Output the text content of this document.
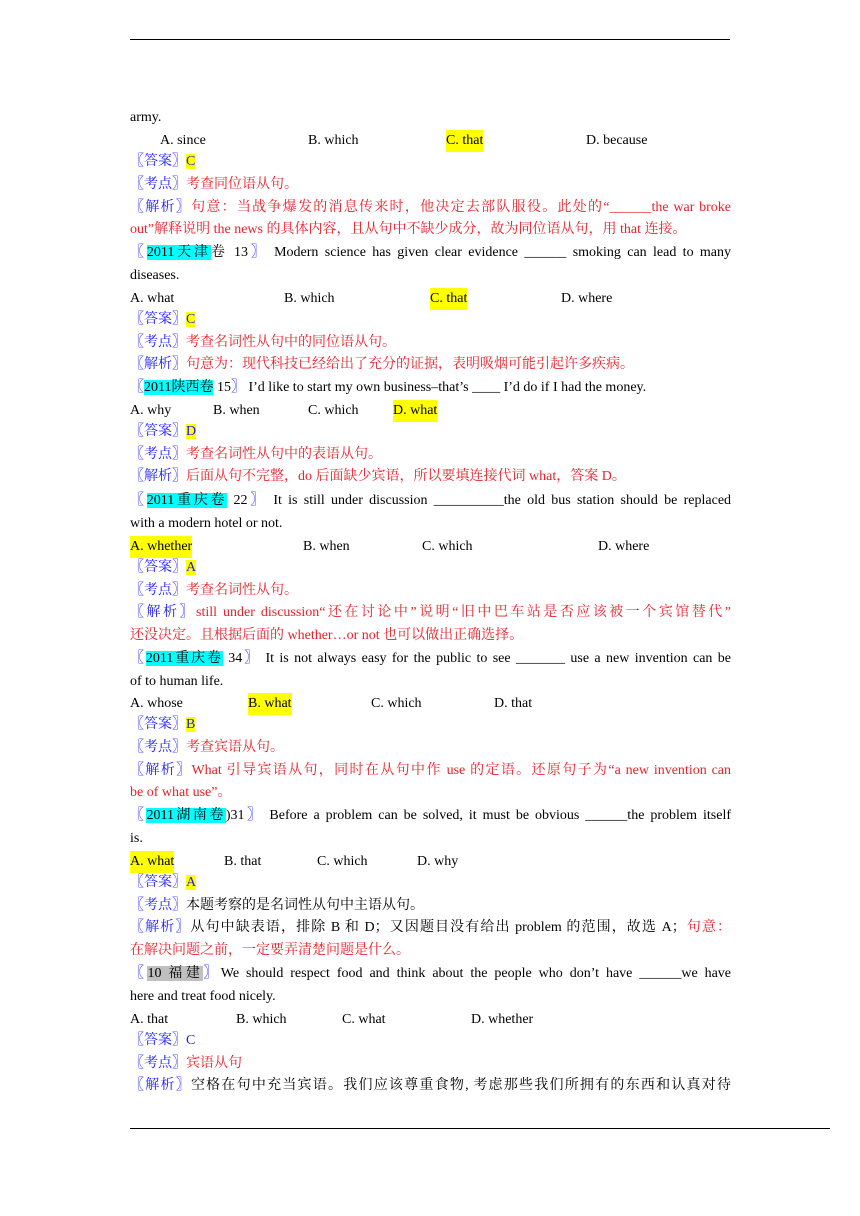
army.
A. since	B. which	C. that	D. because
〖答案〗C
〖考点〗考查同位语从句。
〖解析〗句意：当战争爆发的消息传来时，他决定去部队服役。此处的“______the war broke
out”解释说明 the news 的具体内容，且从句中不缺少成分，故为同位语从句，用 that 连接。
〖2011天津卷 13〗 Modern science has given clear evidence ______ smoking can lead to many
diseases.
A. what	B. which	C. that	D. where
〖答案〗C
〖考点〗考查名词性从句中的同位语从句。
〖解析〗句意为：现代科技已经给出了充分的证据，表明吸烟可能引起许多疾病。
〖2011陕西卷 15〗 I’d like to start my own business–that’s ____ I’d do if I had the money.
A. why	B. when	C. which D. what
〖答案〗D
〖考点〗考查名词性从句中的表语从句。
〖解析〗后面从句不完整，do 后面缺少宾语，所以要填连接代词 what，答案 D。
〖2011重庆卷 22〗 It is still under discussion __________the old bus station should be replaced
with a modern hotel or not.
A. whether	B. when	C. which	D. where
〖答案〗A
〖考点〗考查名词性从句。
〖解析〗still under discussion“还在讨论中”说明“旧中巴车站是否应该被一个宾馆替代”
还没决定。且根据后面的 whether…or not 也可以做出正确选择。
〖2011重庆卷 34〗 It is not always easy for the public to see _______ use a new invention can be
of to human life.
A. whose	B. what	C. which	D. that
〖答案〗B
〖考点〗考查宾语从句。
〖解析〗What 引导宾语从句，同时在从句中作 use 的定语。还原句子为“a new invention can
be of what use”。
〖2011湖南卷)31〗 Before a problem can be solved, it must be obvious ______the problem itself
is.
A. what	B. that	C. which	D. why
〖答案〗A
〖考点〗本题考察的是名词性从句中主语从句。
〖解析〗从句中缺表语，排除 B 和 D；又因题目没有给出 problem 的范围，故选 A；句意：
在解决问题之前，一定要弄清楚问题是什么。
〖10 福建〗We should respect food and think about the people who don’t have ______we have
here and treat food nicely.
A. that	B. which	C. what	D. whether
〖答案〗C
〖考点〗宾语从句
〖解析〗空格在句中充当宾语。我们应该尊重食物, 考虑那些我们所拥有的东西和认真对待
